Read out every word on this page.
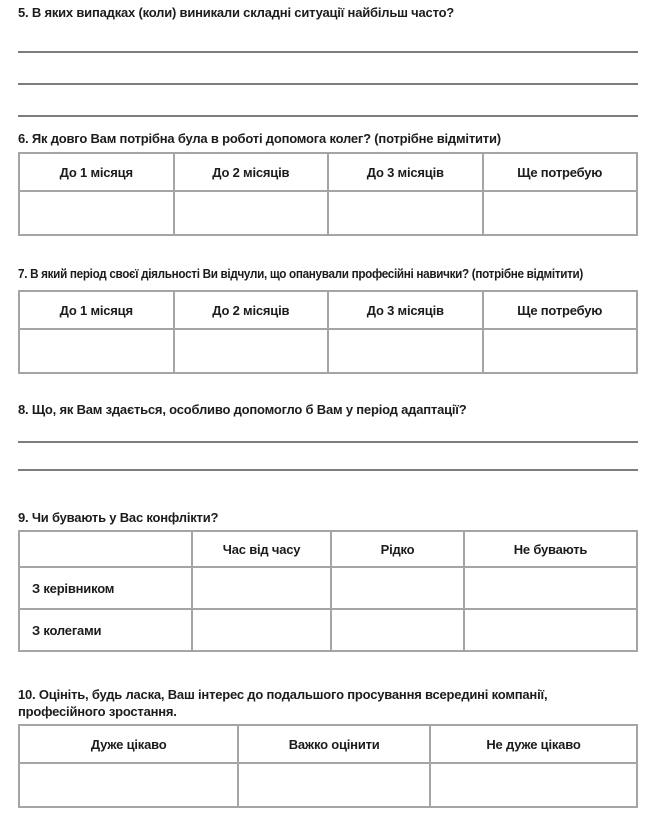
5. В яких випадках (коли) виникали складні ситуації найбільш часто?
6. Як довго Вам потрібна була в роботі допомога колег? (потрібне відмітити)
До 1 місяця	До 2 місяців	До 3 місяців	Ще потребую

7. В який період своєї діяльності Ви відчули, що опанували професійні навички? (потрібне відмітити)
До 1 місяця	До 2 місяців	До 3 місяців	Ще потребую

8. Що, як Вам здається, особливо допомогло б Вам у період адаптації?
9. Чи бувають у Вас конфлікти?
	Час від часу	Рідко	Не бувають
З керівником			
З колегами			
10. Оцініть, будь ласка, Ваш інтерес до подальшого просування всередині компанії, професійного зростання.
Дуже цікаво	Важко оцінити	Не дуже цікаво
